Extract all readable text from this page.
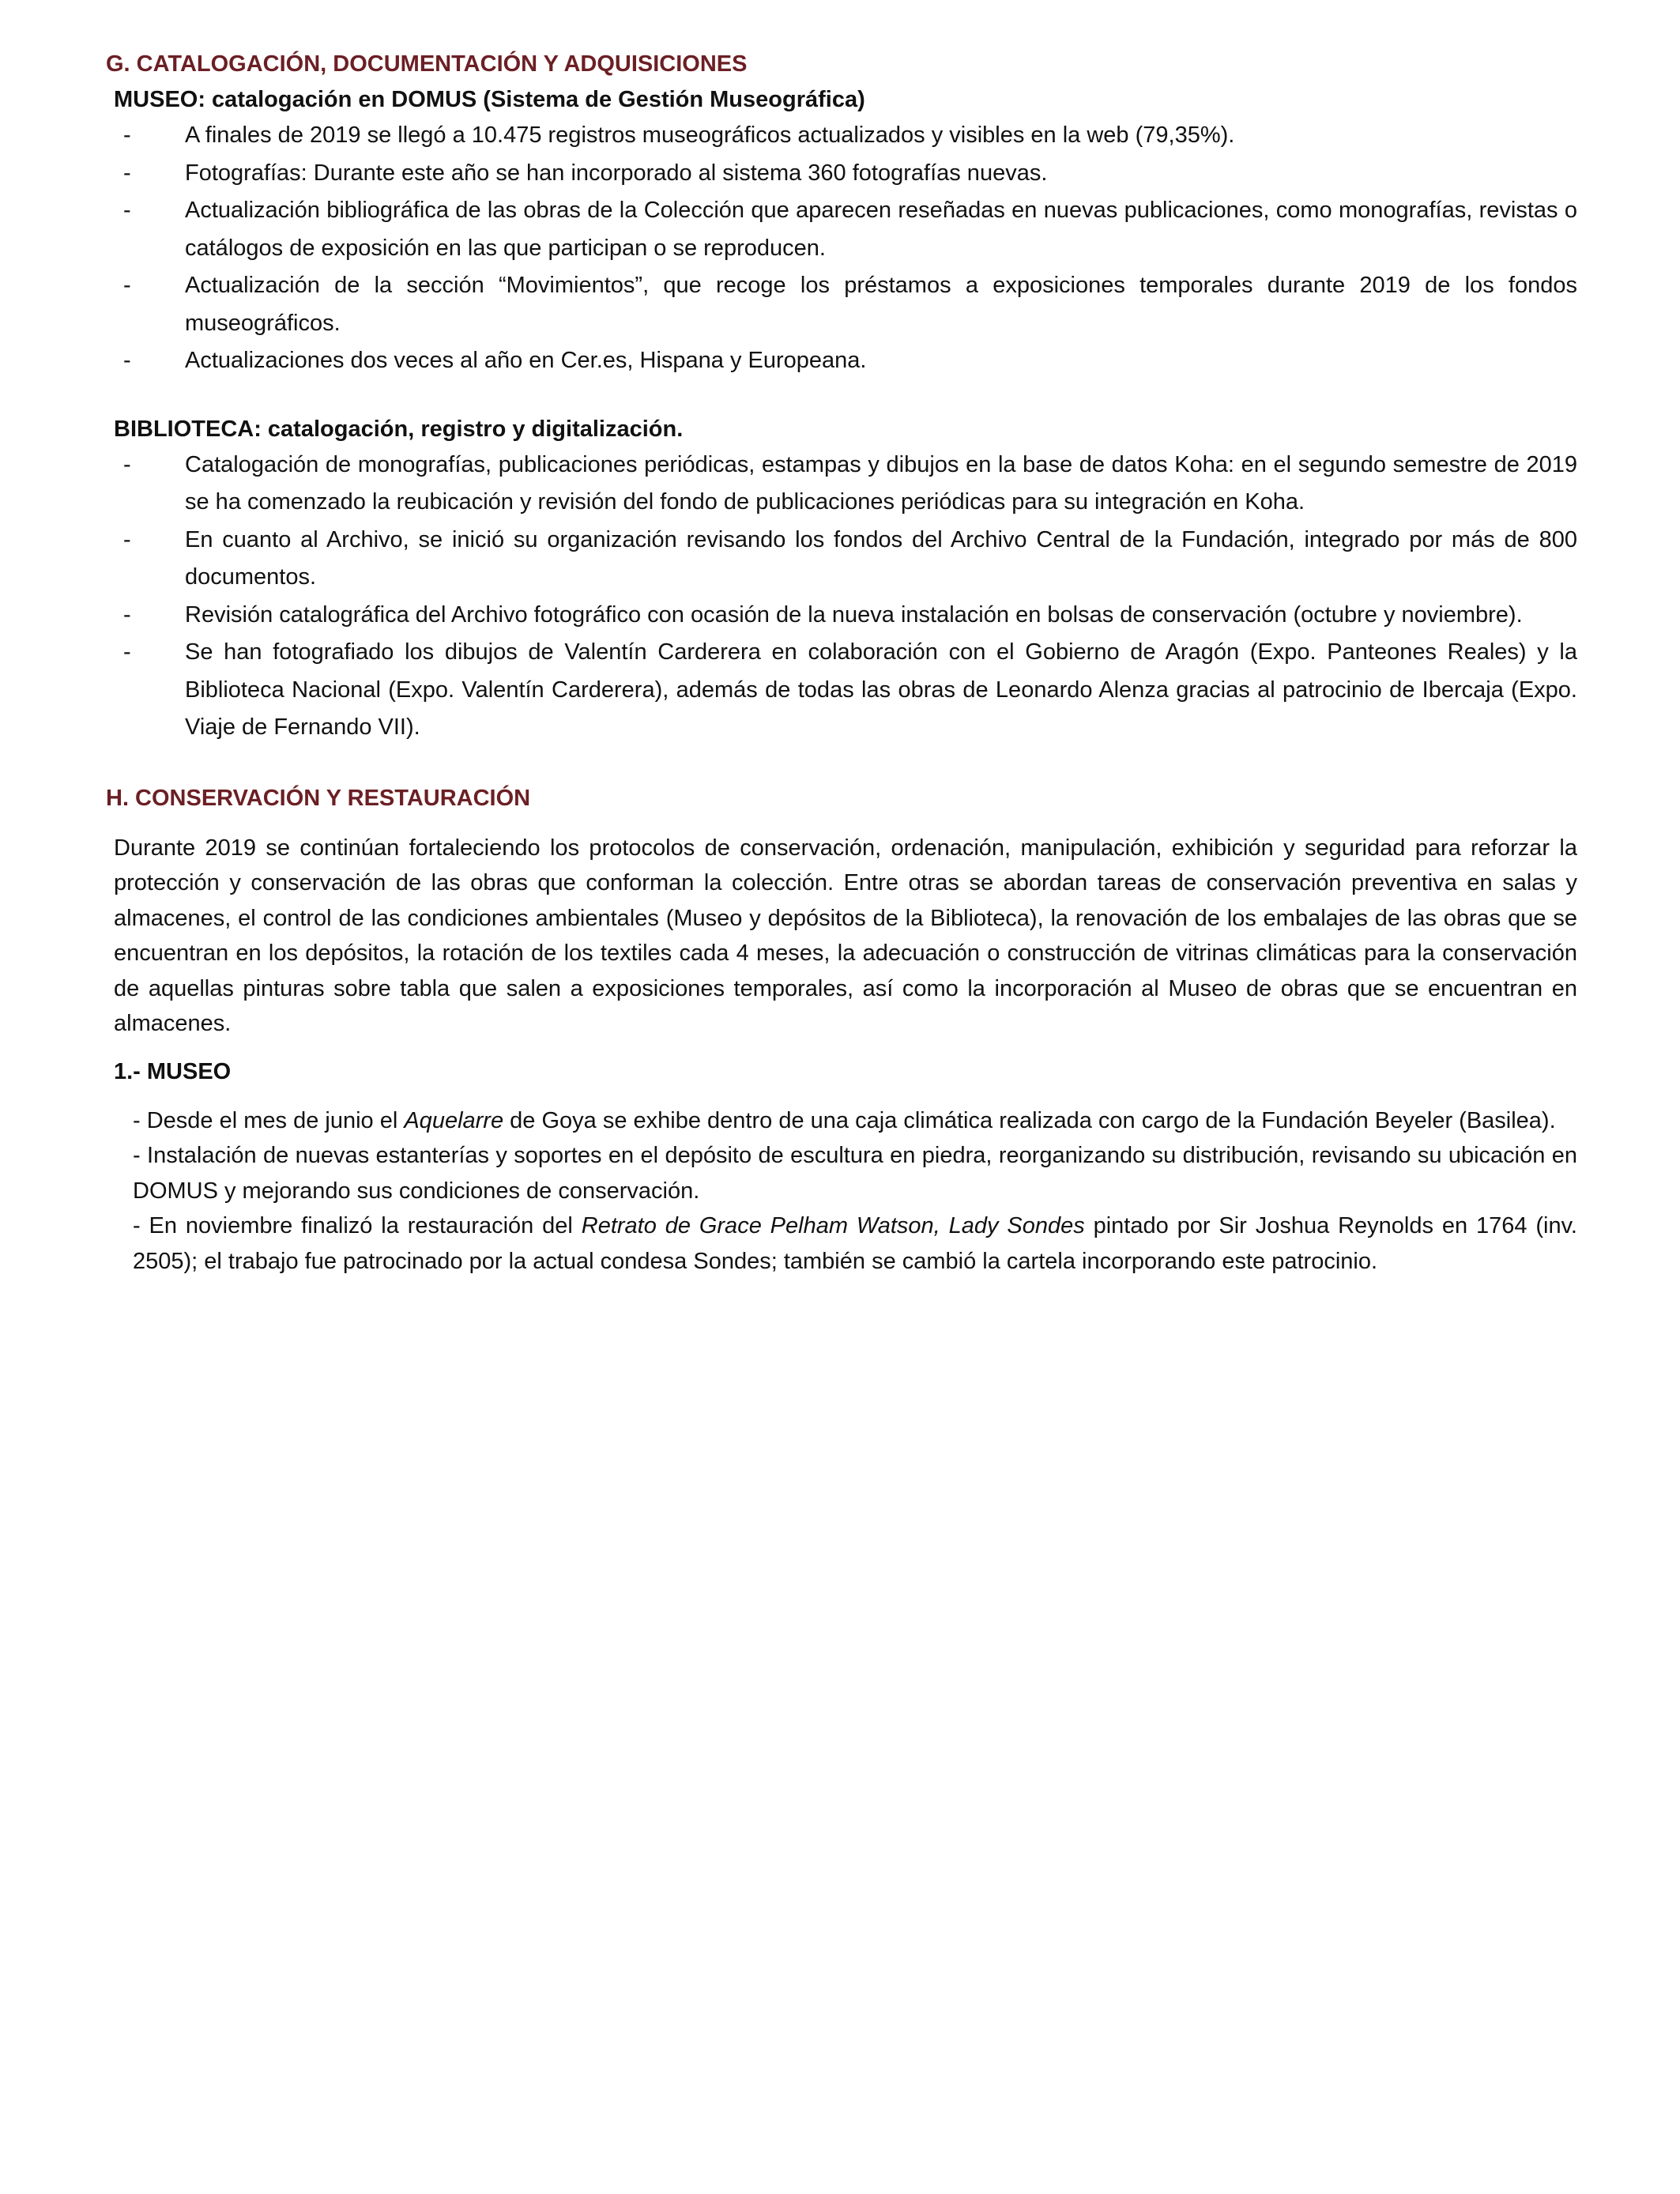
G. CATALOGACIÓN, DOCUMENTACIÓN Y ADQUISICIONES
MUSEO: catalogación en DOMUS (Sistema de Gestión Museográfica)
- A finales de 2019 se llegó a 10.475 registros museográficos actualizados y visibles en la web (79,35%).
- Fotografías: Durante este año se han incorporado al sistema 360 fotografías nuevas.
- Actualización bibliográfica de las obras de la Colección que aparecen reseñadas en nuevas publicaciones, como monografías, revistas o catálogos de exposición en las que participan o se reproducen.
- Actualización de la sección “Movimientos”, que recoge los préstamos a exposiciones temporales durante 2019 de los fondos museográficos.
- Actualizaciones dos veces al año en Cer.es, Hispana y Europeana.
BIBLIOTECA: catalogación, registro y digitalización.
- Catalogación de monografías, publicaciones periódicas, estampas y dibujos en la base de datos Koha: en el segundo semestre de 2019 se ha comenzado la reubicación y revisión del fondo de publicaciones periódicas para su integración en Koha.
- En cuanto al Archivo, se inició su organización revisando los fondos del Archivo Central de la Fundación, integrado por más de 800 documentos.
- Revisión catalográfica del Archivo fotográfico con ocasión de la nueva instalación en bolsas de conservación (octubre y noviembre).
- Se han fotografiado los dibujos de Valentín Carderera en colaboración con el Gobierno de Aragón (Expo. Panteones Reales) y la Biblioteca Nacional (Expo. Valentín Carderera), además de todas las obras de Leonardo Alenza gracias al patrocinio de Ibercaja (Expo. Viaje de Fernando VII).
H. CONSERVACIÓN Y RESTAURACIÓN

Durante 2019 se continúan fortaleciendo los protocolos de conservación, ordenación, manipulación, exhibición y seguridad para reforzar la protección y conservación de las obras que conforman la colección. Entre otras se abordan tareas de conservación preventiva en salas y almacenes, el control de las condiciones ambientales (Museo y depósitos de la Biblioteca), la renovación de los embalajes de las obras que se encuentran en los depósitos, la rotación de los textiles cada 4 meses, la adecuación o construcción de vitrinas climáticas para la conservación de aquellas pinturas sobre tabla que salen a exposiciones temporales, así como la incorporación al Museo de obras que se encuentran en almacenes.

1.- MUSEO

- Desde el mes de junio el Aquelarre de Goya se exhibe dentro de una caja climática realizada con cargo de la Fundación Beyeler (Basilea).

- Instalación de nuevas estanterías y soportes en el depósito de escultura en piedra, reorganizando su distribución, revisando su ubicación en DOMUS y mejorando sus condiciones de conservación.

- En noviembre finalizó la restauración del Retrato de Grace Pelham Watson, Lady Sondes pintado por Sir Joshua Reynolds en 1764 (inv. 2505); el trabajo fue patrocinado por la actual condesa Sondes; también se cambió la cartela incorporando este patrocinio.
